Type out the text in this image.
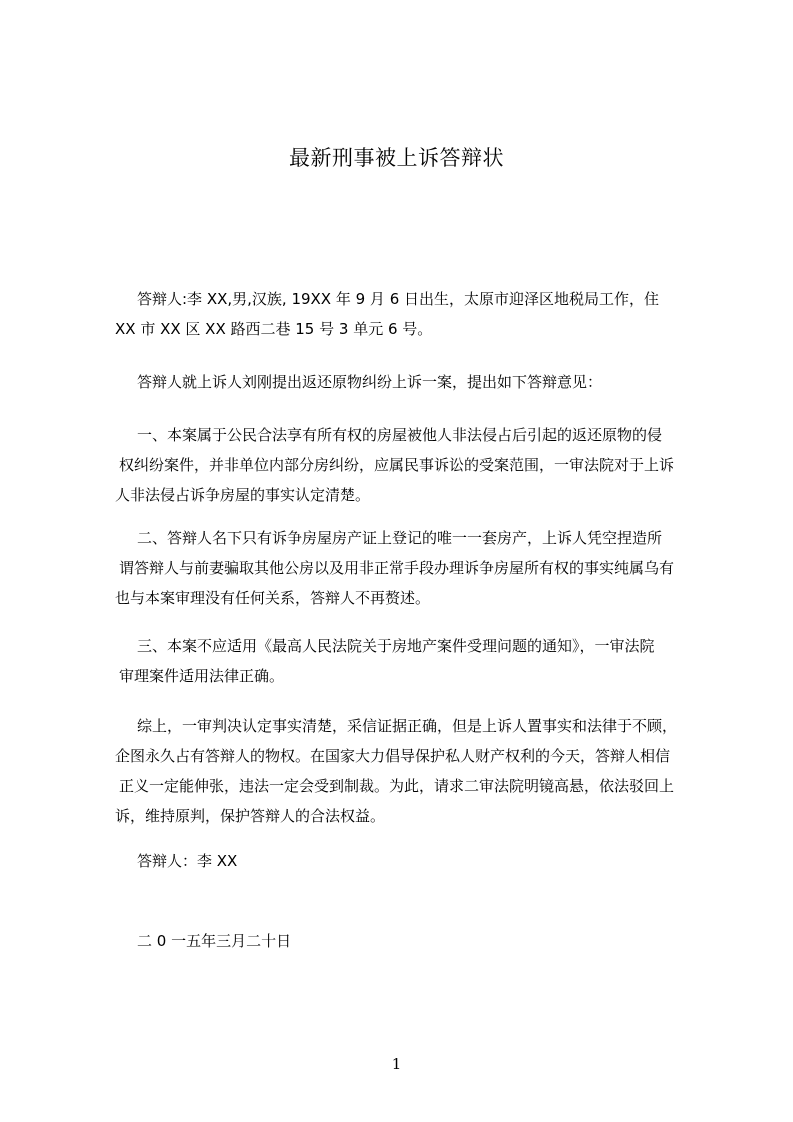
最新刑事被上诉答辩状
答辩人:李 XX,男,汉族, 19XX 年 9 月 6 日出生，太原市迎泽区地税局工作，住
XX 市 XX 区 XX 路西二巷 15 号 3 单元 6 号。
答辩人就上诉人刘刚提出返还原物纠纷上诉一案，提出如下答辩意见：
一、本案属于公民合法享有所有权的房屋被他人非法侵占后引起的返还原物的侵
权纠纷案件，并非单位内部分房纠纷，应属民事诉讼的受案范围，一审法院对于上诉
人非法侵占诉争房屋的事实认定清楚。
二、答辩人名下只有诉争房屋房产证上登记的唯一一套房产，上诉人凭空捏造所
谓答辩人与前妻骗取其他公房以及用非正常手段办理诉争房屋所有权的事实纯属乌有
也与本案审理没有任何关系，答辩人不再赘述。
三、本案不应适用《最高人民法院关于房地产案件受理问题的通知》，一审法院
审理案件适用法律正确。
综上，一审判决认定事实清楚，采信证据正确，但是上诉人置事实和法律于不顾，
企图永久占有答辩人的物权。在国家大力倡导保护私人财产权利的今天，答辩人相信
正义一定能伸张，违法一定会受到制裁。为此，请求二审法院明镜高悬，依法驳回上
诉，维持原判，保护答辩人的合法权益。
答辩人：李 XX
二 0 一五年三月二十日
1
